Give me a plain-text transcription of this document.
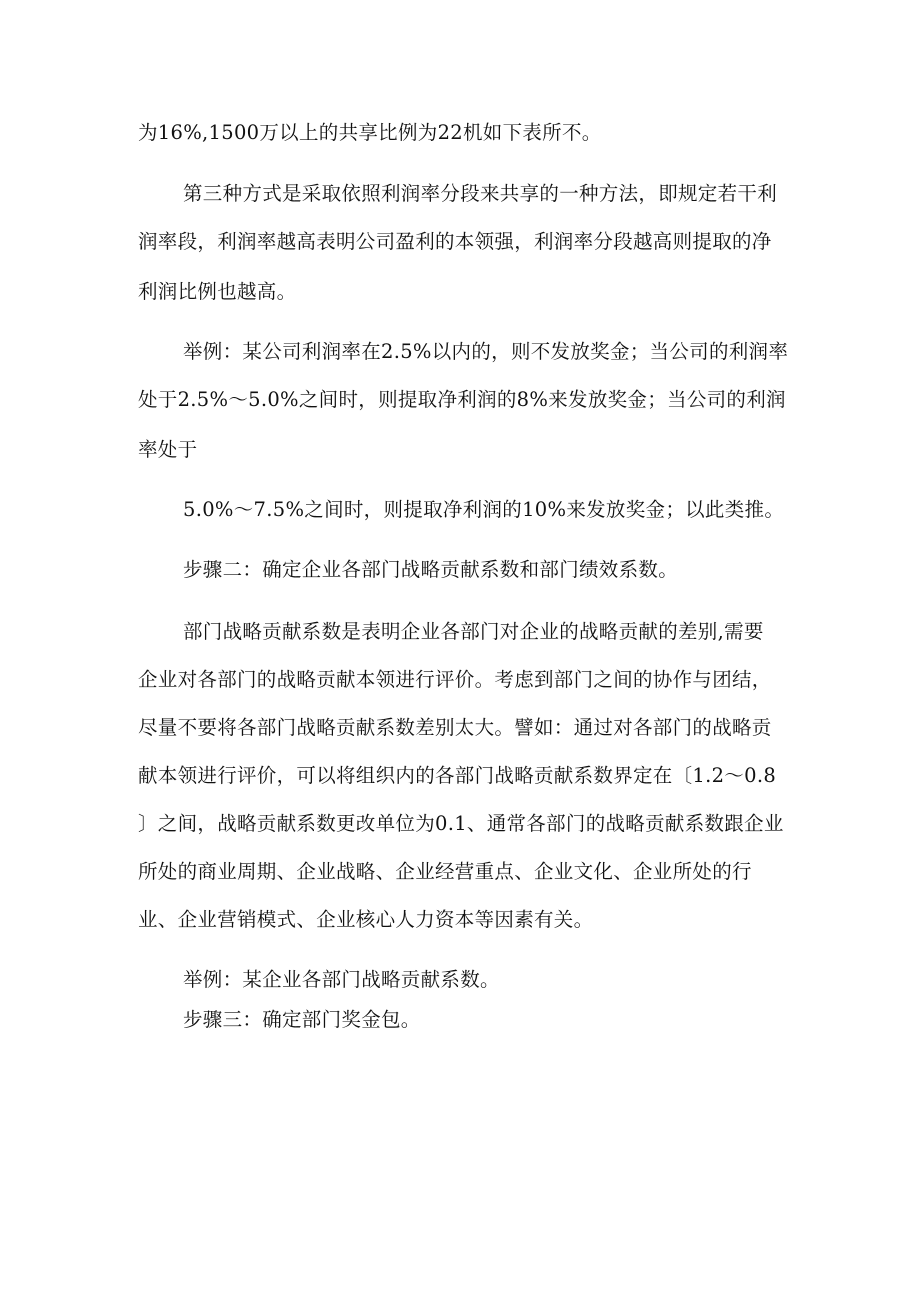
为16%,1500万以上的共享比例为22机如下表所不。
第三种方式是采取依照利润率分段来共享的一种方法，即规定若干利
润率段，利润率越高表明公司盈利的本领强，利润率分段越高则提取的净
利润比例也越高。
举例：某公司利润率在2.5%以内的，则不发放奖金；当公司的利润率
处于2.5%～5.0%之间时，则提取净利润的8%来发放奖金；当公司的利润
率处于
5.0%～7.5%之间时，则提取净利润的10%来发放奖金；以此类推。
步骤二：确定企业各部门战略贡献系数和部门绩效系数。
部门战略贡献系数是表明企业各部门对企业的战略贡献的差别,需要
企业对各部门的战略贡献本领进行评价。考虑到部门之间的协作与团结，
尽量不要将各部门战略贡献系数差别太大。譬如：通过对各部门的战略贡
献本领进行评价，可以将组织内的各部门战略贡献系数界定在〔1.2～0.8
〕之间，战略贡献系数更改单位为0.1、通常各部门的战略贡献系数跟企业
所处的商业周期、企业战略、企业经营重点、企业文化、企业所处的行
业、企业营销模式、企业核心人力资本等因素有关。
举例：某企业各部门战略贡献系数。
步骤三：确定部门奖金包。
